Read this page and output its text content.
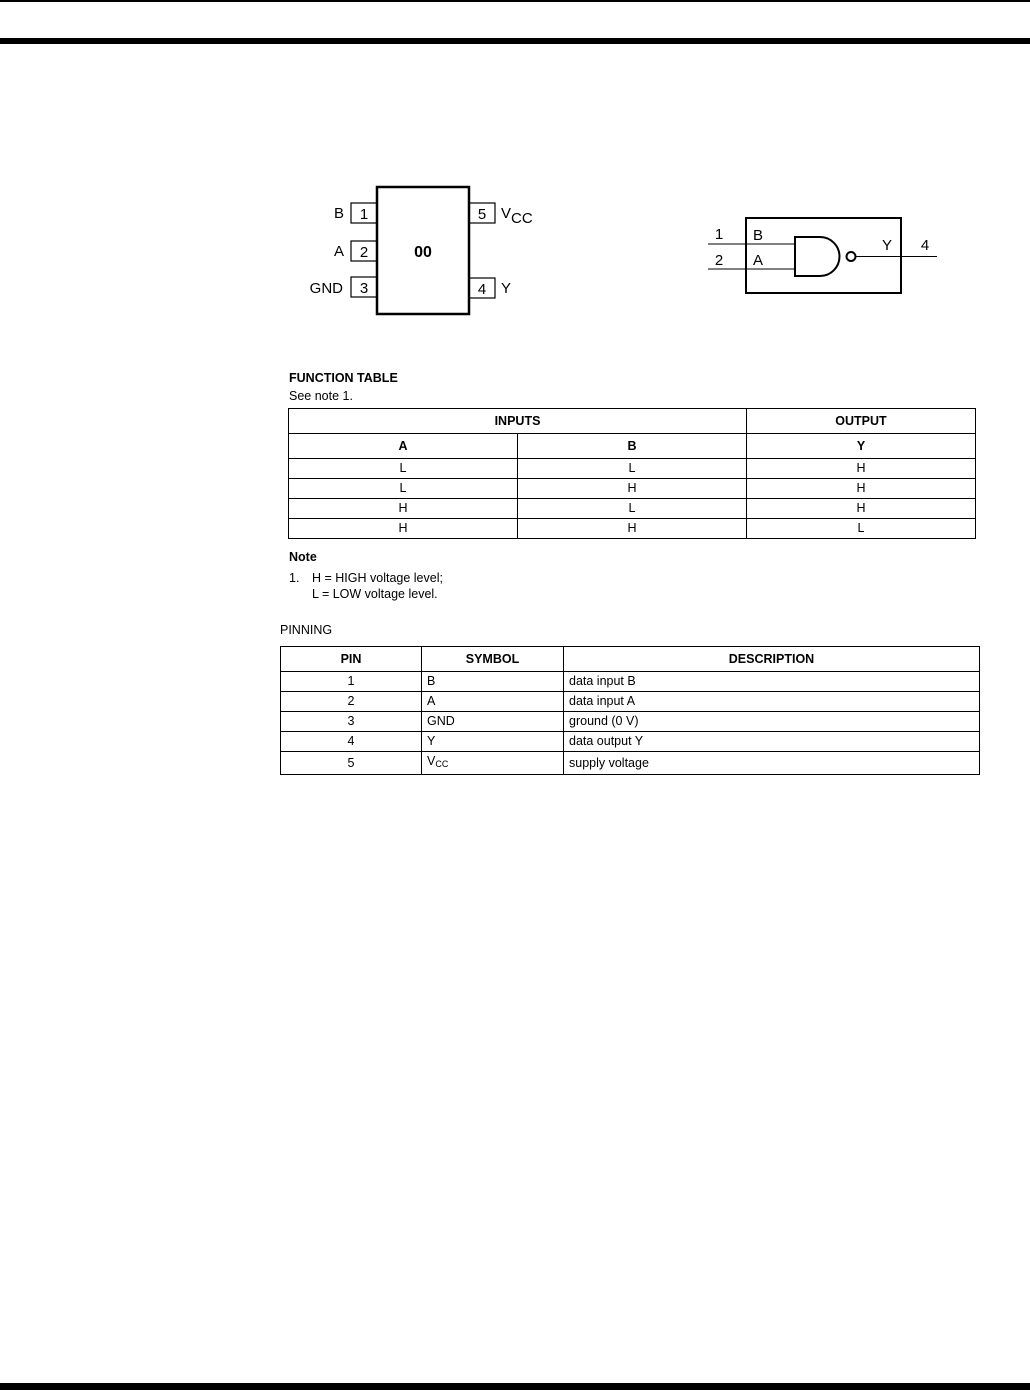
00
1
B
2
A
3
GND
5 VCC
4 Y
1 B
2 A
Y 4
FUNCTION TABLE
See note 1.
INPUTS		OUTPUT
A	B	Y
L	L	H
L	H	H
H	L	H
H	H	L
Note
1. H = HIGH voltage level;
L = LOW voltage level.
PINNING
PIN	SYMBOL	DESCRIPTION
1	B	data input B
2	A	data input A
3	GND	ground (0 V)
4	Y	data output Y
5	$V_{CC}$	supply voltage
